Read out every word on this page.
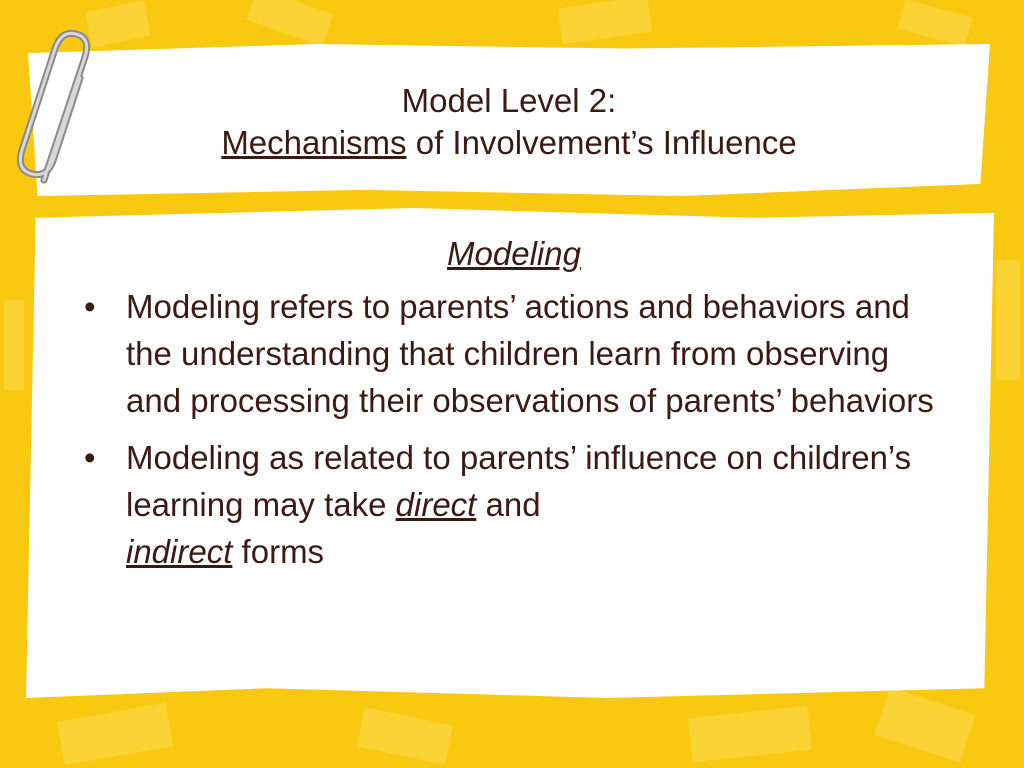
Model Level 2:
Mechanisms of Involvement’s Influence
Modeling
• Modeling refers to parents’ actions and behaviors and the understanding that children learn from observing and processing their observations of parents’ behaviors
• Modeling as related to parents’ influence on children’s learning may take direct and
indirect forms
